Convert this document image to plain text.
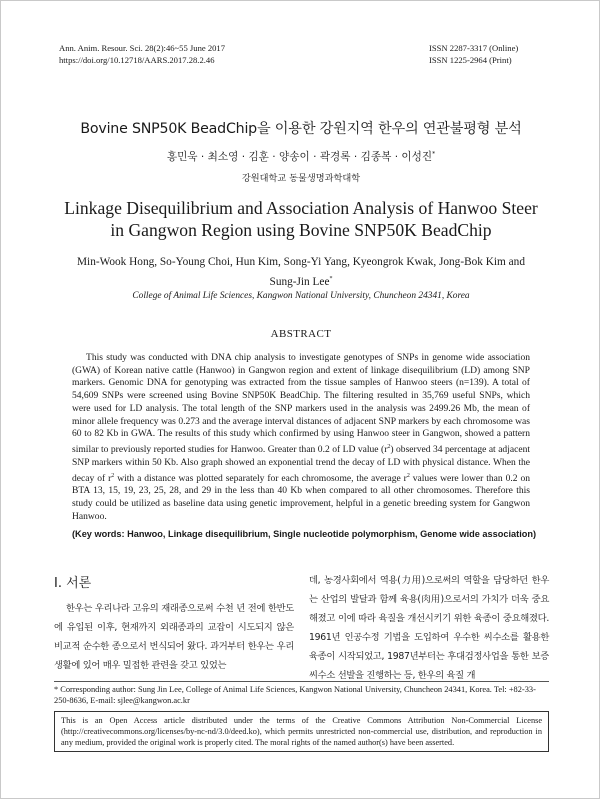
Ann. Anim. Resour. Sci. 28(2):46~55 June 2017
https://doi.org/10.12718/AARS.2017.28.2.46
ISSN 2287-3317 (Online)
ISSN 1225-2964 (Print)
Bovine SNP50K BeadChip을 이용한 강원지역 한우의 연관불평형 분석
홍민욱 · 최소영 · 김훈 · 양송이 · 곽경록 · 김종복 · 이성진*
강원대학교 동물생명과학대학
Linkage Disequilibrium and Association Analysis of Hanwoo Steer in Gangwon Region using Bovine SNP50K BeadChip
Min-Wook Hong, So-Young Choi, Hun Kim, Song-Yi Yang, Kyeongrok Kwak, Jong-Bok Kim and
Sung-Jin Lee*
College of Animal Life Sciences, Kangwon National University, Chuncheon 24341, Korea
ABSTRACT

This study was conducted with DNA chip analysis to investigate genotypes of SNPs in genome wide association (GWA) of Korean native cattle (Hanwoo) in Gangwon region and extent of linkage disequilibrium (LD) among SNP markers. Genomic DNA for genotyping was extracted from the tissue samples of Hanwoo steers (n=139). A total of 54,609 SNPs were screened using Bovine SNP50K BeadChip. The filtering resulted in 35,769 useful SNPs, which were used for LD analysis. The total length of the SNP markers used in the analysis was 2499.26 Mb, the mean of minor allele frequency was 0.273 and the average interval distances of adjacent SNP markers by each chromosome was 60 to 82 Kb in GWA. The results of this study which confirmed by using Hanwoo steer in Gangwon, showed a pattern similar to previously reported studies for Hanwoo. Greater than 0.2 of LD value $(r^2)$ observed 34 percentage at adjacent SNP markers within 50 Kb. Also graph showed an exponential trend the decay of LD with physical distance. When the decay of $r^2$ with a distance was plotted separately for each chromosome, the average $r^2$ values were lower than 0.2 on BTA 13, 15, 19, 23, 25, 28, and 29 in the less than 40 Kb when compared to all other chromosomes. Therefore this study could be utilized as baseline data using genetic improvement, helpful in a genetic breeding system for Gangwon Hanwoo.

(Key words: Hanwoo, Linkage disequilibrium, Single nucleotide polymorphism, Genome wide association)
Ⅰ. 서론

한우는 우리나라 고유의 재래종으로써 수천 년 전에 한반도에 유입된 이후, 현재까지 외래종과의 교잡이 시도되지 않은 비교적 순수한 종으로서 번식되어 왔다. 과거부터 한우는 우리 생활에 있어 매우 밀접한 관련을 갖고 있었는

데, 농경사회에서 역용(力用)으로써의 역할을 담당하던 한우는 산업의 발달과 함께 육용(肉用)으로서의 가치가 더욱 중요해졌고 이에 따라 육질을 개선시키기 위한 육종이 중요해졌다. 1961년 인공수정 기법을 도입하여 우수한 씨수소를 활용한 육종이 시작되었고, 1987년부터는 후대검정사업을 통한 보증씨수소 선발을 진행하는 등, 한우의 육질 개

* Corresponding author: Sung Jin Lee, College of Animal Life Sciences, Kangwon National University, Chuncheon 24341, Korea. Tel: +82-33-250-8636, E-mail: sjlee@kangwon.ac.kr
This is an Open Access article distributed under the terms of the Creative Commons Attribution Non-Commercial License (http://creativecommons.org/licenses/by-nc-nd/3.0/deed.ko), which permits unrestricted non-commercial use, distribution, and reproduction in any medium, provided the original work is properly cited. The moral rights of the named author(s) have been asserted.
